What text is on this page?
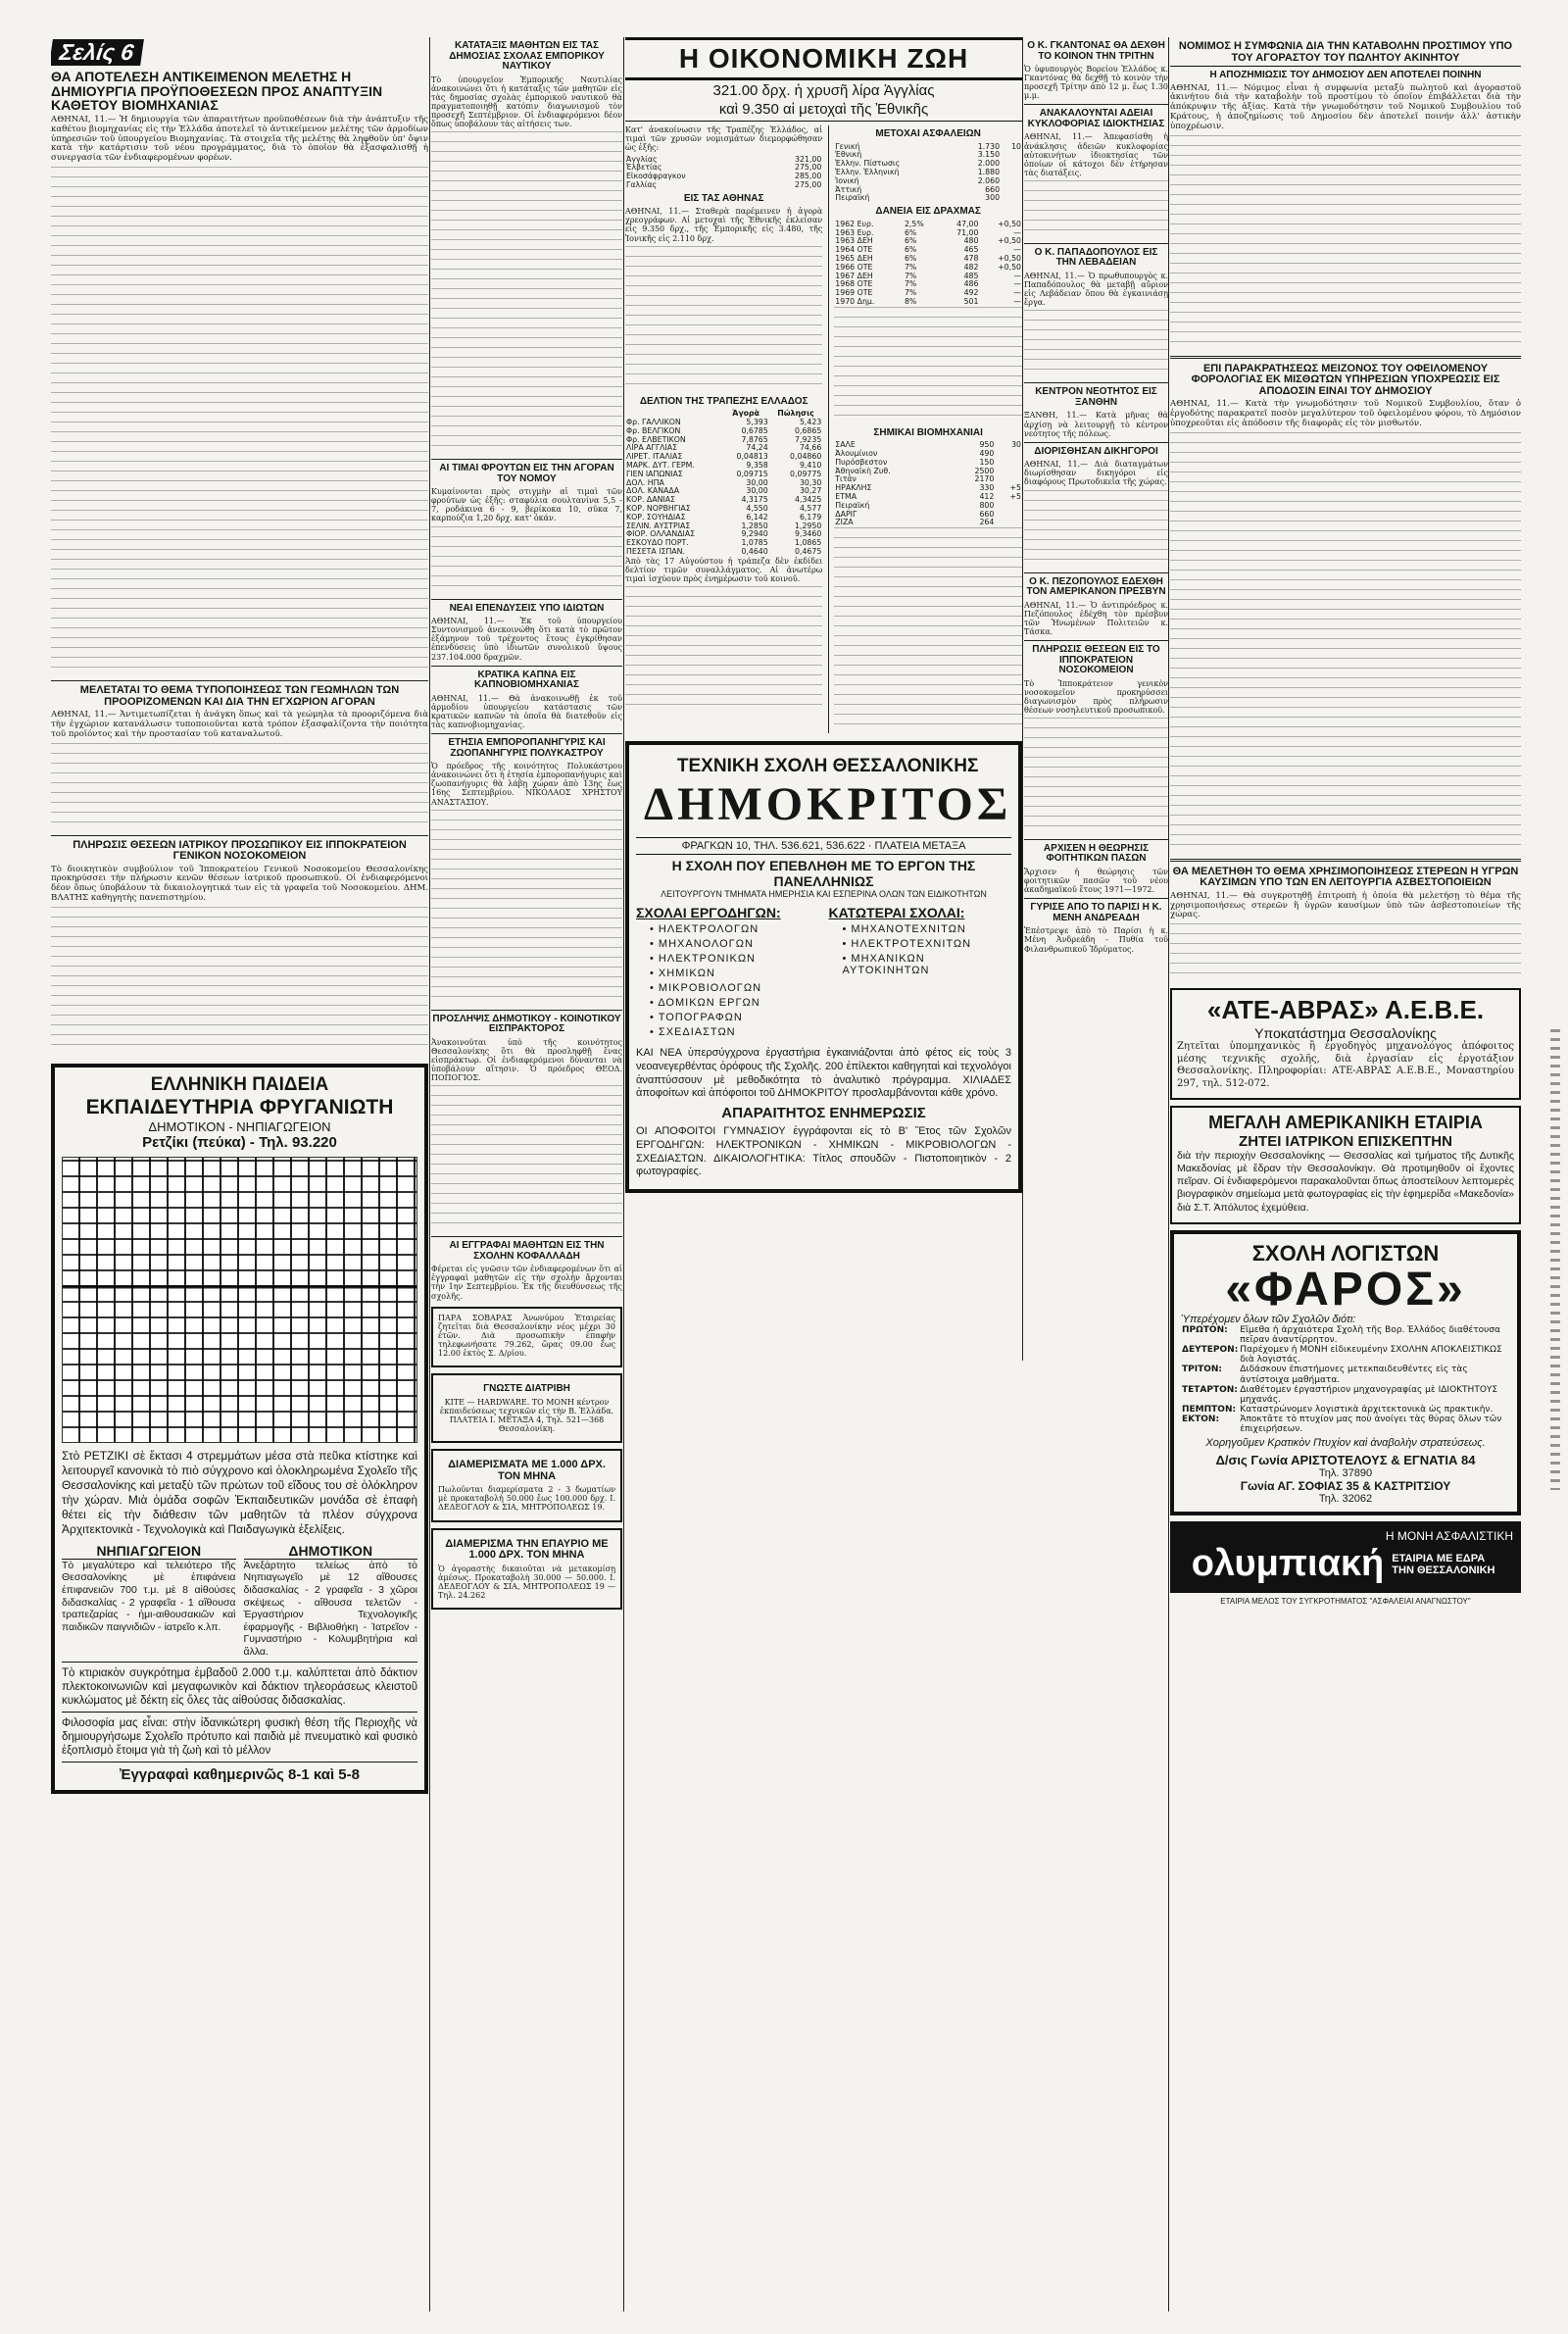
Σελίς 6
ΘΑ ΑΠΟΤΕΛΕΣΗ ΑΝΤΙΚΕΙΜΕΝΟΝ ΜΕΛΕΤΗΣ Η ΔΗΜΙΟΥΡΓΙΑ ΠΡΟΫΠΟΘΕΣΕΩΝ ΠΡΟΣ ΑΝΑΠΤΥΞΙΝ ΚΑΘΕΤΟΥ ΒΙΟΜΗΧΑΝΙΑΣ

ΑΘΗΝΑΙ, 11.— Ἡ δημιουργία τῶν ἀπαραιτήτων προϋποθέσεων διὰ τὴν ἀνάπτυξιν τῆς καθέτου βιομηχανίας εἰς τὴν Ἑλλάδα ἀποτελεῖ τὸ ἀντικείμενον μελέτης τῶν ἁρμοδίων ὑπηρεσιῶν τοῦ ὑπουργείου Βιομηχανίας. Τὰ στοιχεῖα τῆς μελέτης θὰ ληφθοῦν ὑπ' ὄψιν κατὰ τὴν κατάρτισιν τοῦ νέου προγράμματος, διὰ τὸ ὁποῖον θὰ ἐξασφαλισθῇ ἡ συνεργασία τῶν ἐνδιαφερομένων φορέων.

ΜΕΛΕΤΑΤΑΙ ΤΟ ΘΕΜΑ ΤΥΠΟΠΟΙΗΣΕΩΣ ΤΩΝ ΓΕΩΜΗΛΩΝ ΤΩΝ ΠΡΟΟΡΙΖΟΜΕΝΩΝ ΚΑΙ ΔΙΑ ΤΗΝ ΕΓΧΩΡΙΟΝ ΑΓΟΡΑΝ

ΑΘΗΝΑΙ, 11.— Ἀντιμετωπίζεται ἡ ἀνάγκη ὅπως καὶ τὰ γεώμηλα τὰ προοριζόμενα διὰ τὴν ἐγχώριον κατανάλωσιν τυποποιοῦνται κατὰ τρόπον ἐξασφαλίζοντα τὴν ποιότητα τοῦ προϊόντος καὶ τὴν προστασίαν τοῦ καταναλωτοῦ.

ΠΛΗΡΩΣΙΣ ΘΕΣΕΩΝ ΙΑΤΡΙΚΟΥ ΠΡΟΣΩΠΙΚΟΥ ΕΙΣ ΙΠΠΟΚΡΑΤΕΙΟΝ ΓΕΝΙΚΟΝ ΝΟΣΟΚΟΜΕΙΟΝ

Τὸ διοικητικὸν συμβούλιον τοῦ Ἱπποκρατείου Γενικοῦ Νοσοκομείου Θεσσαλονίκης προκηρύσσει τὴν πλήρωσιν κενῶν θέσεων ἰατρικοῦ προσωπικοῦ. Οἱ ἐνδιαφερόμενοι δέον ὅπως ὑποβάλουν τὰ δικαιολογητικά των εἰς τὰ γραφεῖα τοῦ Νοσοκομείου. ΔΗΜ. ΒΛΑΤΗΣ καθηγητὴς πανεπιστημίου.

ΕΛΛΗΝΙΚΗ ΠΑΙΔΕΙΑ
ΕΚΠΑΙΔΕΥΤΗΡΙΑ ΦΡΥΓΑΝΙΩΤΗ
ΔΗΜΟΤΙΚΟΝ - ΝΗΠΙΑΓΩΓΕΙΟΝ
Ρετζίκι (πεύκα) - Τηλ. 93.220

Στὸ ΡΕΤΖΙΚΙ σὲ ἔκτασι 4 στρεμμάτων μέσα στὰ πεῦκα κτίστηκε καὶ λειτουργεῖ κανονικὰ τὸ πιὸ σύγχρονο καὶ ὁλοκληρωμένα Σχολεῖο τῆς Θεσσαλονίκης καὶ μεταξὺ τῶν πρώτων τοῦ εἴδους του σὲ ὁλόκληρον τὴν χώραν. Μιὰ ὁμάδα σοφῶν Ἐκπαιδευτικῶν μονάδα σὲ ἐπαφὴ θέτει εἰς τὴν διάθεσιν τῶν μαθητῶν τὰ πλέον σύγχρονα Ἀρχιτεκτονικὰ - Τεχνολογικὰ καὶ Παιδαγωγικὰ ἐξελίξεις.

ΝΗΠΙΑΓΩΓΕΙΟΝ

Τὸ μεγαλύτερο καὶ τελειότερο τῆς Θεσσαλονίκης μὲ ἐπιφάνεια ἐπιφανειῶν 700 τ.μ. μὲ 8 αἰθούσες διδασκαλίας - 2 γραφεῖα - 1 αἴθουσα τραπεζαρίας - ἡμι-αιθουσακιῶν καὶ παιδικῶν παιγνιδιῶν - ἰατρεῖο κ.λπ.

ΔΗΜΟΤΙΚΟΝ

Ἀνεξάρτητο τελείως ἀπὸ τὸ Νηπιαγωγεῖο μὲ 12 αἴθουσες διδασκαλίας - 2 γραφεῖα - 3 χῶροι σκέψεως - αἴθουσα τελετῶν - Ἐργαστήριον Τεχνολογικῆς ἐφαρμογῆς - Βιβλιοθήκη - Ἰατρεῖον - Γυμναστήριο - Κολυμβητήρια καὶ ἄλλα.

Τὸ κτιριακὸν συγκρότημα ἐμβαδοῦ 2.000 τ.μ. καλύπτεται ἀπὸ δάκτιον πλεκτοκοινωνιῶν καὶ μεγαφωνικὸν καὶ δάκτιον τηλεοράσεως κλειστοῦ κυκλώματος μὲ δέκτη εἰς ὅλες τὰς αἰθούσας διδασκαλίας.

Φιλοσοφία μας εἶναι: στὴν ἰδανικώτερη φυσικὴ θέση τῆς Περιοχῆς νὰ δημιουργήσωμε Σχολεῖο πρότυπο καὶ παιδιὰ μὲ πνευματικὸ καὶ φυσικὸ ἐξοπλισμὸ ἕτοιμα γιὰ τὴ ζωὴ καὶ τὸ μέλλον

Ἐγγραφαὶ καθημερινῶς 8-1 καὶ 5-8
ΚΑΤΑΤΑΞΙΣ ΜΑΘΗΤΩΝ ΕΙΣ ΤΑΣ ΔΗΜΟΣΙΑΣ ΣΧΟΛΑΣ ΕΜΠΟΡΙΚΟΥ ΝΑΥΤΙΚΟΥ

Τὸ ὑπουργεῖον Ἐμπορικῆς Ναυτιλίας ἀνακοινώνει ὅτι ἡ κατάταξις τῶν μαθητῶν εἰς τὰς δημοσίας σχολὰς ἐμπορικοῦ ναυτικοῦ θὰ πραγματοποιηθῇ κατόπιν διαγωνισμοῦ τὸν προσεχῆ Σεπτέμβριον. Οἱ ἐνδιαφερόμενοι δέον ὅπως ὑποβάλουν τὰς αἰτήσεις των.

ΑΙ ΤΙΜΑΙ ΦΡΟΥΤΩΝ ΕΙΣ ΤΗΝ ΑΓΟΡΑΝ ΤΟΥ ΝΟΜΟΥ

Κυμαίνονται πρὸς στιγμὴν αἱ τιμαὶ τῶν φρούτων ὡς ἑξῆς: σταφύλια σουλτανίνα 5,5 - 7, ροδάκινα 6 - 9, βερίκοκα 10, σῦκα 7, καρπούζια 1,20 δρχ. κατ' ὀκάν.

ΝΕΑΙ ΕΠΕΝΔΥΣΕΙΣ ΥΠΟ ΙΔΙΩΤΩΝ

ΑΘΗΝΑΙ, 11.— Ἐκ τοῦ ὑπουργείου Συντονισμοῦ ἀνεκοινώθη ὅτι κατὰ τὸ πρῶτον ἑξάμηνον τοῦ τρέχοντος ἔτους ἐγκρίθησαν ἐπενδύσεις ὑπὸ ἰδιωτῶν συνολικοῦ ὕψους 237.104.000 δραχμῶν.

ΚΡΑΤΙΚΑ ΚΑΠΝΑ ΕΙΣ ΚΑΠΝΟΒΙΟΜΗΧΑΝΙΑΣ

ΑΘΗΝΑΙ, 11.— Θὰ ἀνακοινωθῇ ἐκ τοῦ ἁρμοδίου ὑπουργείου κατάστασις τῶν κρατικῶν καπνῶν τὰ ὁποῖα θὰ διατεθοῦν εἰς τὰς καπνοβιομηχανίας.

ΕΤΗΣΙΑ ΕΜΠΟΡΟΠΑΝΗΓΥΡΙΣ ΚΑΙ ΖΩΟΠΑΝΗΓΥΡΙΣ ΠΟΛΥΚΑΣΤΡΟΥ

Ὁ πρόεδρος τῆς κοινότητος Πολυκάστρου ἀνακοινώνει ὅτι ἡ ἐτησία ἐμποροπανήγυρις καὶ ζωοπανήγυρις θὰ λάβῃ χώραν ἀπὸ 13ης ἕως 16ης Σεπτεμβρίου. ΝΙΚΟΛΑΟΣ ΧΡΗΣΤΟΥ ΑΝΑΣΤΑΣΙΟΥ.

ΠΡΟΣΛΗΨΙΣ ΔΗΜΟΤΙΚΟΥ - ΚΟΙΝΟΤΙΚΟΥ ΕΙΣΠΡΑΚΤΟΡΟΣ

Ἀνακοινοῦται ὑπὸ τῆς κοινότητος Θεσσαλονίκης ὅτι θὰ προσληφθῇ ἕνας εἰσπράκτωρ. Οἱ ἐνδιαφερόμενοι δύνανται νὰ ὑποβάλουν αἴτησιν. Ὁ πρόεδρος ΘΕΟΔ. ΠΟΠΟΓΙΟΣ.

ΑΙ ΕΓΓΡΑΦΑΙ ΜΑΘΗΤΩΝ ΕΙΣ ΤΗΝ ΣΧΟΛΗΝ ΚΟΦΑΛΛΑΔΗ

Φέρεται εἰς γνῶσιν τῶν ἐνδιαφερομένων ὅτι αἱ ἐγγραφαὶ μαθητῶν εἰς τὴν σχολὴν ἄρχονται τὴν 1ην Σεπτεμβρίου. Ἐκ τῆς διευθύνσεως τῆς σχολῆς.

ΠΑΡΑ ΣΟΒΑΡΑΣ Ἀνωνύμου Ἑταιρείας ζητεῖται διὰ Θεσσαλονίκην νέος μέχρι 30 ἐτῶν. Διὰ προσωπικὴν ἐπαφὴν τηλεφωνήσατε 79.262, ὥρας 09.00 ἕως 12.00 ἐκτὸς Σ. Δ/ρίου.

ΓΝΩΣΤΕ ΔΙΑΤΡΙΒΗ

ΚΙΤΕ — HARDWARE. ΤΟ ΜΟΝΗ κέντρον ἐκπαιδεύσεως τεχνικῶν εἰς τὴν Β. Ἑλλάδα. ΠΛΑΤΕΙΑ Ι. ΜΕΤΑΞΑ 4, Τηλ. 521—368 Θεσσαλονίκη.

ΔΙΑΜΕΡΙΣΜΑΤΑ ΜΕ 1.000 ΔΡΧ. ΤΟΝ ΜΗΝΑ

Πωλοῦνται διαμερίσματα 2 - 3 δωματίων μὲ προκαταβολὴ 50.000 ἕως 100.000 δρχ. Ι. ΔΕΔΕΟΓΛΟΥ & ΣΙΑ, ΜΗΤΡΟΠΟΛΕΩΣ 19.

ΔΙΑΜΕΡΙΣΜΑ ΤΗΝ ΕΠΑΥΡΙΟ ΜΕ 1.000 ΔΡΧ. ΤΟΝ ΜΗΝΑ

Ὁ ἀγοραστὴς δικαιοῦται νὰ μετακομίσῃ ἀμέσως. Προκαταβολὴ 30.000 — 50.000. Ι. ΔΕΔΕΟΓΛΟΥ & ΣΙΑ, ΜΗΤΡΟΠΟΛΕΩΣ 19 — Τηλ. 24.262

Η ΟΙΚΟΝΟΜΙΚΗ ΖΩΗ
321.00 δρχ. ἡ χρυσῆ λίρα Ἀγγλίας
καὶ 9.350 αἱ μετοχαὶ τῆς Ἐθνικῆς

Κατ' ἀνακοίνωσιν τῆς Τραπέζης Ἑλλάδος, αἱ τιμαὶ τῶν χρυσῶν νομισμάτων διεμορφώθησαν ὡς ἑξῆς:

Ἀγγλίας	321,00
Ἐλβετίας	275,00
Εἰκοσάφραγκον	285,00
Γαλλίας	275,00
ΕΙΣ ΤΑΣ ΑΘΗΝΑΣ

ΑΘΗΝΑΙ, 11.— Σταθερὰ παρέμεινεν ἡ ἀγορὰ χρεογράφων. Αἱ μετοχαὶ τῆς Ἐθνικῆς ἐκλείσαν εἰς 9.350 δρχ., τῆς Ἐμπορικῆς εἰς 3.480, τῆς Ἰονικῆς εἰς 2.110 δρχ.

ΔΕΛΤΙΟΝ ΤΗΣ ΤΡΑΠΕΖΗΣ ΕΛΛΑΔΟΣ
	Ἀγορὰ	Πώλησις
Φρ. ΓΑΛΛΙΚΟΝ	5,393	5,423
Φρ. ΒΕΛΓΙΚΟΝ	0,6785	0,6865
Φρ. ΕΛΒΕΤΙΚΟΝ	7,8765	7,9235
ΛΙΡΑ ΑΓΓΛΙΑΣ	74,24	74,66
ΛΙΡΕΤ. ΙΤΑΛΙΑΣ	0,04813	0,04860
ΜΑΡΚ. ΔΥΤ. ΓΕΡΜ.	9,358	9,410
ΓΙΕΝ ΙΑΠΩΝΙΑΣ	0,09715	0,09775
ΔΟΛ. ΗΠΑ	30,00	30,30
ΔΟΛ. ΚΑΝΑΔΑ	30,00	30,27
ΚΟΡ. ΔΑΝΙΑΣ	4,3175	4,3425
ΚΟΡ. ΝΟΡΒΗΓΙΑΣ	4,550	4,577
ΚΟΡ. ΣΟΥΗΔΙΑΣ	6,142	6,179
ΣΕΛΙΝ. ΑΥΣΤΡΙΑΣ	1,2850	1,2950
ΦΙΟΡ. ΟΛΛΑΝΔΙΑΣ	9,2940	9,3460
ΕΣΚΟΥΔΟ ΠΟΡΤ.	1,0785	1,0865
ΠΕΣΕΤΑ ΙΣΠΑΝ.	0,4640	0,4675

Ἀπὸ τὰς 17 Αὐγούστου ἡ τράπεζα δὲν ἐκδίδει δελτίον τιμῶν συναλλάγματος. Αἱ ἀνωτέρω τιμαὶ ἰσχύουν πρὸς ἐνημέρωσιν τοῦ κοινοῦ.

ΜΕΤΟΧΑΙ ΑΣΦΑΛΕΙΩΝ
Γενική	1.730	10
Ἐθνική	3.150	
Ἑλλην. Πίστωσις	2.000	
Ἑλλην. Ἑλληνικὴ	1.880	
Ἰονική	2.060	
Ἀττική	660	
Πειραϊκή	300	
ΔΑΝΕΙΑ ΕΙΣ ΔΡΑΧΜΑΣ
1962 Ευρ.	2,5%	47,00	+0,50
1963 Ευρ.	6%	71,00	—
1963 ΔΕΗ	6%	480	+0,50
1964 ΟΤΕ	6%	465	—
1965 ΔΕΗ	6%	478	+0,50
1966 ΟΤΕ	7%	482	+0,50
1967 ΔΕΗ	7%	485	—
1968 ΟΤΕ	7%	486	—
1969 ΟΤΕ	7%	492	—
1970 Δημ.	8%	501	—
ΣΗΜΙΚΑΙ ΒΙΟΜΗΧΑΝΙΑΙ
ΣΑΛΕ	950	30
Ἀλουμίνιον	490	
Πυρόσβεστον	150	
Ἀθηναϊκὴ Ζυθ.	2500	
Τιτάν	2170	
ΗΡΑΚΛΗΣ	330	+5
ΕΤΜΑ	412	+5
Πειραϊκή	800	
ΔΑΡΙΓ	660	
ΖΙΖΑ	264	
ΤΕΧΝΙΚΗ ΣΧΟΛΗ ΘΕΣΣΑΛΟΝΙΚΗΣ
ΔΗΜΟΚΡΙΤΟΣ
ΦΡΑΓΚΩΝ 10, ΤΗΛ. 536.621, 536.622 · ΠΛΑΤΕΙΑ ΜΕΤΑΞΑ
Η ΣΧΟΛΗ ΠΟΥ ΕΠΕΒΛΗΘΗ ΜΕ ΤΟ ΕΡΓΟΝ ΤΗΣ ΠΑΝΕΛΛΗΝΙΩΣ
ΛΕΙΤΟΥΡΓΟΥΝ ΤΜΗΜΑΤΑ ΗΜΕΡΗΣΙΑ ΚΑΙ ΕΣΠΕΡΙΝΑ ΟΛΩΝ ΤΩΝ ΕΙΔΙΚΟΤΗΤΩΝ
ΣΧΟΛΑΙ ΕΡΓΟΔΗΓΩΝ:
• ΗΛΕΚΤΡΟΛΟΓΩΝ
• ΜΗΧΑΝΟΛΟΓΩΝ
• ΗΛΕΚΤΡΟΝΙΚΩΝ
• ΧΗΜΙΚΩΝ
• ΜΙΚΡΟΒΙΟΛΟΓΩΝ
• ΔΟΜΙΚΩΝ ΕΡΓΩΝ
• ΤΟΠΟΓΡΑΦΩΝ
• ΣΧΕΔΙΑΣΤΩΝ
ΚΑΤΩΤΕΡΑΙ ΣΧΟΛΑΙ:
• ΜΗΧΑΝΟΤΕΧΝΙΤΩΝ
• ΗΛΕΚΤΡΟΤΕΧΝΙΤΩΝ
• ΜΗΧΑΝΙΚΩΝ ΑΥΤΟΚΙΝΗΤΩΝ

ΚΑΙ ΝΕΑ ὑπερσύγχρονα ἐργαστήρια ἐγκαινιάζονται ἀπὸ φέτος εἰς τοὺς 3 νεοανεγερθέντας ὀρόφους τῆς Σχολῆς. 200 ἐπίλεκτοι καθηγηταὶ καὶ τεχνολόγοι ἀναπτύσσουν μὲ μεθοδικότητα τὸ ἀναλυτικὸ πρόγραμμα. ΧΙΛΙΑΔΕΣ ἀποφοίτων καὶ ἀπόφοιτοι τοῦ ΔΗΜΟΚΡΙΤΟΥ προσλαμβάνονται κάθε χρόνο.

ΑΠΑΡΑΙΤΗΤΟΣ ΕΝΗΜΕΡΩΣΙΣ

ΟΙ ΑΠΟΦΟΙΤΟΙ ΓΥΜΝΑΣΙΟΥ ἐγγράφονται εἰς τὸ Β' Ἔτος τῶν Σχολῶν ΕΡΓΟΔΗΓΩΝ: ΗΛΕΚΤΡΟΝΙΚΩΝ - ΧΗΜΙΚΩΝ - ΜΙΚΡΟΒΙΟΛΟΓΩΝ - ΣΧΕΔΙΑΣΤΩΝ. ΔΙΚΑΙΟΛΟΓΗΤΙΚΑ: Τίτλος σπουδῶν - Πιστοποιητικὸν - 2 φωτογραφίες.

Ο Κ. ΓΚΑΝΤΟΝΑΣ ΘΑ ΔΕΧΘΗ ΤΟ ΚΟΙΝΟΝ ΤΗΝ ΤΡΙΤΗΝ

Ὁ ὑφυπουργὸς Βορείου Ἑλλάδος κ. Γκαντόνας θὰ δεχθῇ τὸ κοινὸν τὴν προσεχῆ Τρίτην ἀπὸ 12 μ. ἕως 1.30 μ.μ.

ΑΝΑΚΑΛΟΥΝΤΑΙ ΑΔΕΙΑΙ ΚΥΚΛΟΦΟΡΙΑΣ ΙΔΙΟΚΤΗΣΙΑΣ

ΑΘΗΝΑΙ, 11.— Ἀπεφασίσθη ἡ ἀνάκλησις ἀδειῶν κυκλοφορίας αὐτοκινήτων ἰδιοκτησίας τῶν ὁποίων οἱ κάτοχοι δὲν ἐτήρησαν τὰς διατάξεις.

Ο Κ. ΠΑΠΑΔΟΠΟΥΛΟΣ ΕΙΣ ΤΗΝ ΛΕΒΑΔΕΙΑΝ

ΑΘΗΝΑΙ, 11.— Ὁ πρωθυπουργὸς κ. Παπαδόπουλος θὰ μεταβῇ αὔριον εἰς Λεβάδειαν ὅπου θὰ ἐγκαινιάσῃ ἔργα.

ΚΕΝΤΡΟΝ ΝΕΟΤΗΤΟΣ ΕΙΣ ΞΑΝΘΗΝ

ΞΑΝΘΗ, 11.— Κατὰ μῆνας θὰ ἀρχίσῃ νὰ λειτουργῇ τὸ κέντρον νεότητος τῆς πόλεως.

ΔΙΟΡΙΣΘΗΣΑΝ ΔΙΚΗΓΟΡΟΙ

ΑΘΗΝΑΙ, 11.— Διὰ διαταγμάτων διωρίσθησαν δικηγόροι εἰς διαφόρους Πρωτοδικεῖα τῆς χώρας.

Ο Κ. ΠΕΖΟΠΟΥΛΟΣ ΕΔΕΧΘΗ ΤΟΝ ΑΜΕΡΙΚΑΝΟΝ ΠΡΕΣΒΥΝ

ΑΘΗΝΑΙ, 11.— Ὁ ἀντιπρόεδρος κ. Πεζόπουλος ἐδέχθη τὸν πρέσβυν τῶν Ἡνωμένων Πολιτειῶν κ. Τάσκα.

ΠΛΗΡΩΣΙΣ ΘΕΣΕΩΝ ΕΙΣ ΤΟ ΙΠΠΟΚΡΑΤΕΙΟΝ ΝΟΣΟΚΟΜΕΙΟΝ

Τὸ Ἱπποκράτειον γενικὸν νοσοκομεῖον προκηρύσσει διαγωνισμὸν πρὸς πλήρωσιν θέσεων νοσηλευτικοῦ προσωπικοῦ.

ΑΡΧΙΣΕΝ Η ΘΕΩΡΗΣΙΣ ΦΟΙΤΗΤΙΚΩΝ ΠΑΣΩΝ

Ἄρχισεν ἡ θεώρησις τῶν φοιτητικῶν πασῶν τοῦ νέου ἀκαδημαϊκοῦ ἔτους 1971—1972.

ΓΥΡΙΣΕ ΑΠΟ ΤΟ ΠΑΡΙΣΙ Η Κ. ΜΕΝΗ ΑΝΔΡΕΑΔΗ

Ἐπέστρεψε ἀπὸ τὸ Παρίσι ἡ κ. Μένη Ἀνδρεάδη - Πυθία τοῦ Φιλανθρωπικοῦ Ἱδρύματος.

ΝΟΜΙΜΟΣ Η ΣΥΜΦΩΝΙΑ ΔΙΑ ΤΗΝ ΚΑΤΑΒΟΛΗΝ ΠΡΟΣΤΙΜΟΥ ΥΠΟ ΤΟΥ ΑΓΟΡΑΣΤΟΥ ΤΟΥ ΠΩΛΗΤΟΥ ΑΚΙΝΗΤΟΥ
Η ΑΠΟΖΗΜΙΩΣΙΣ ΤΟΥ ΔΗΜΟΣΙΟΥ ΔΕΝ ΑΠΟΤΕΛΕΙ ΠΟΙΝΗΝ

ΑΘΗΝΑΙ, 11.— Νόμιμος εἶναι ἡ συμφωνία μεταξὺ πωλητοῦ καὶ ἀγοραστοῦ ἀκινήτου διὰ τὴν καταβολὴν τοῦ προστίμου τὸ ὁποῖον ἐπιβάλλεται διὰ τὴν ἀπόκρυψιν τῆς ἀξίας. Κατὰ τὴν γνωμοδότησιν τοῦ Νομικοῦ Συμβουλίου τοῦ Κράτους, ἡ ἀποζημίωσις τοῦ Δημοσίου δὲν ἀποτελεῖ ποινήν ἀλλ' ἀστικὴν ὑποχρέωσιν.

ΕΠΙ ΠΑΡΑΚΡΑΤΗΣΕΩΣ ΜΕΙΖΟΝΟΣ ΤΟΥ ΟΦΕΙΛΟΜΕΝΟΥ ΦΟΡΟΛΟΓΙΑΣ ΕΚ ΜΙΣΘΩΤΩΝ ΥΠΗΡΕΣΙΩΝ ΥΠΟΧΡΕΩΣΙΣ ΕΙΣ ΑΠΟΔΟΣΙΝ ΕΙΝΑΙ ΤΟΥ ΔΗΜΟΣΙΟΥ

ΑΘΗΝΑΙ, 11.— Κατὰ τὴν γνωμοδότησιν τοῦ Νομικοῦ Συμβουλίου, ὅταν ὁ ἐργοδότης παρακρατεῖ ποσὸν μεγαλύτερον τοῦ ὀφειλομένου φόρου, τὸ Δημόσιον ὑποχρεοῦται εἰς ἀπόδοσιν τῆς διαφορᾶς εἰς τὸν μισθωτόν.

ΘΑ ΜΕΛΕΤΗΘΗ ΤΟ ΘΕΜΑ ΧΡΗΣΙΜΟΠΟΙΗΣΕΩΣ ΣΤΕΡΕΩΝ Η ΥΓΡΩΝ ΚΑΥΣΙΜΩΝ ΥΠΟ ΤΩΝ ΕΝ ΛΕΙΤΟΥΡΓΙΑ ΑΣΒΕΣΤΟΠΟΙΕΙΩΝ

ΑΘΗΝΑΙ, 11.— Θὰ συγκροτηθῇ ἐπιτροπὴ ἡ ὁποία θὰ μελετήσῃ τὸ θέμα τῆς χρησιμοποιήσεως στερεῶν ἢ ὑγρῶν καυσίμων ὑπὸ τῶν ἀσβεστοποιείων τῆς χώρας.

«ΑΤΕ-ΑΒΡΑΣ» Α.Ε.Β.Ε.
Υποκατάστημα Θεσσαλονίκης

Ζητεῖται ὑπομηχανικὸς ἢ ἐργοδηγὸς μηχανολόγος ἀπόφοιτος μέσης τεχνικῆς σχολῆς, διὰ ἐργασίαν εἰς ἐργοτάξιον Θεσσαλονίκης. Πληροφορίαι: ΑΤΕ-ΑΒΡΑΣ Α.Ε.Β.Ε., Μοναστηρίου 297, τηλ. 512-072.

ΜΕΓΑΛΗ ΑΜΕΡΙΚΑΝΙΚΗ ΕΤΑΙΡΙΑ
ΖΗΤΕΙ ΙΑΤΡΙΚΟΝ ΕΠΙΣΚΕΠΤΗΝ

διὰ τὴν περιοχὴν Θεσσαλονίκης — Θεσσαλίας καὶ τμήματος τῆς Δυτικῆς Μακεδονίας μὲ ἕδραν τὴν Θεσσαλονίκην. Θὰ προτιμηθοῦν οἱ ἔχοντες πεῖραν. Οἱ ἐνδιαφερόμενοι παρακαλοῦνται ὅπως ἀποστείλουν λεπτομερὲς βιογραφικὸν σημείωμα μετὰ φωτογραφίας εἰς τὴν ἐφημερίδα «Μακεδονία» διὰ Σ.Τ. Ἀπόλυτος ἐχεμύθεια.

ΣΧΟΛΗ ΛΟΓΙΣΤΩΝ
«ΦΑΡΟΣ»
Ὑπερέχομεν ὅλων τῶν Σχολῶν διότι:
ΠΡΩΤΟΝ:	Εἴμεθα ἡ ἀρχαιότερα Σχολὴ τῆς Βορ. Ἑλλάδος διαθέτουσα πεῖραν ἀναντίρρητον.
ΔΕΥΤΕΡΟΝ:	Παρέχομεν ἡ ΜΟΝΗ εἰδικευμένην ΣΧΟΛΗΝ ΑΠΟΚΛΕΙΣΤΙΚΩΣ διὰ λογιστάς.
ΤΡΙΤΟΝ:	Διδάσκουν ἐπιστήμονες μετεκπαιδευθέντες εἰς τὰς ἀντίστοιχα μαθήματα.
ΤΕΤΑΡΤΟΝ:	Διαθέτομεν ἐργαστήριον μηχανογραφίας μὲ ΙΔΙΟΚΤΗΤΟΥΣ μηχανάς.
ΠΕΜΠΤΟΝ:	Καταστρώνομεν λογιστικὰ ἀρχιτεκτονικὰ ὡς πρακτικὴν.
ΕΚΤΟΝ:	Ἀποκτᾶτε τὸ πτυχίον μας ποὺ ἀνοίγει τὰς θύρας ὅλων τῶν ἐπιχειρήσεων.
Χορηγοῦμεν Κρατικὸν Πτυχίον καὶ ἀναβολὴν στρατεύσεως.
Δ/σις Γωνία ΑΡΙΣΤΟΤΕΛΟΥΣ & ΕΓΝΑΤΙΑ 84
Τηλ. 37890
Γωνία ΑΓ. ΣΟΦΙΑΣ 35 & ΚΑΣΤΡΙΤΣΙΟΥ
Τηλ. 32062
Η ΜΟΝΗ ΑΣΦΑΛΙΣΤΙΚΗ
ολυμπιακή ΕΤΑΙΡΙΑ ΜΕ ΕΔΡΑ ΤΗΝ ΘΕΣΣΑΛΟΝΙΚΗ
ΕΤΑΙΡΙΑ ΜΕΛΟΣ ΤΟΥ ΣΥΓΚΡΟΤΗΜΑΤΟΣ "ΑΣΦΑΛΕΙΑΙ ΑΝΑΓΝΩΣΤΟΥ"
